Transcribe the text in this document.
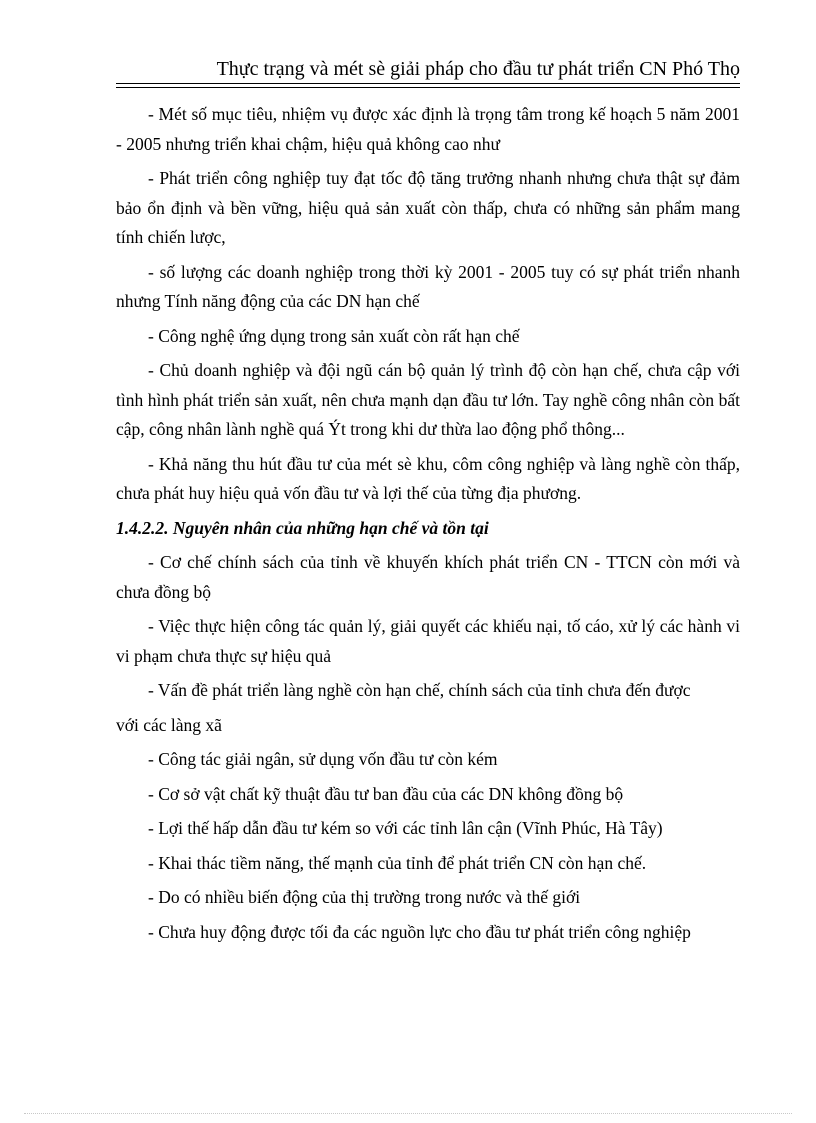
Thực trạng và mét sè giải pháp cho đầu tư phát triển CN Phó Thọ

- Mét số mục tiêu, nhiệm vụ được xác định là trọng tâm trong kế hoạch 5 năm 2001 - 2005 nhưng triển khai chậm, hiệu quả không cao như

- Phát triển công nghiệp tuy đạt tốc độ tăng trưởng nhanh nhưng chưa thật sự đảm bảo ổn định và bền vững, hiệu quả sản xuất còn thấp, chưa có những sản phẩm mang tính chiến lược,

- số lượng các doanh nghiệp trong thời kỳ 2001 - 2005 tuy có sự phát triển nhanh nhưng Tính năng động của các DN hạn chế

- Công nghệ ứng dụng trong sản xuất còn rất hạn chế

- Chủ doanh nghiệp và đội ngũ cán bộ quản lý trình độ còn hạn chế, chưa cập với tình hình phát triển sản xuất, nên chưa mạnh dạn đầu tư lớn. Tay nghề công nhân còn bất cập, công nhân lành nghề quá Ýt trong khi dư thừa lao động phổ thông...

- Khả năng thu hút đầu tư của mét sè khu, côm công nghiệp và làng nghề còn thấp, chưa phát huy hiệu quả vốn đầu tư và lợi thế của từng địa phương.

1.4.2.2. Nguyên nhân của những hạn chế và tồn tại

- Cơ chế chính sách của tỉnh về khuyến khích phát triển CN - TTCN còn mới và chưa đồng bộ

- Việc thực hiện công tác quản lý, giải quyết các khiếu nại, tố cáo, xử lý các hành vi vi phạm chưa thực sự hiệu quả

- Vấn đề phát triển làng nghề còn hạn chế, chính sách của tỉnh chưa đến được

với các làng xã

- Công tác giải ngân, sử dụng vốn đầu tư còn kém

- Cơ sở vật chất kỹ thuật đầu tư ban đầu của các DN không đồng bộ

- Lợi thế hấp dẫn đầu tư kém so với các tỉnh lân cận (Vĩnh Phúc, Hà Tây)

- Khai thác tiềm năng, thế mạnh của tỉnh để phát triển CN còn hạn chế.

- Do có nhiều biến động của thị trường trong nước và thế giới

- Chưa huy động được tối đa các nguồn lực cho đầu tư phát triển công nghiệp
